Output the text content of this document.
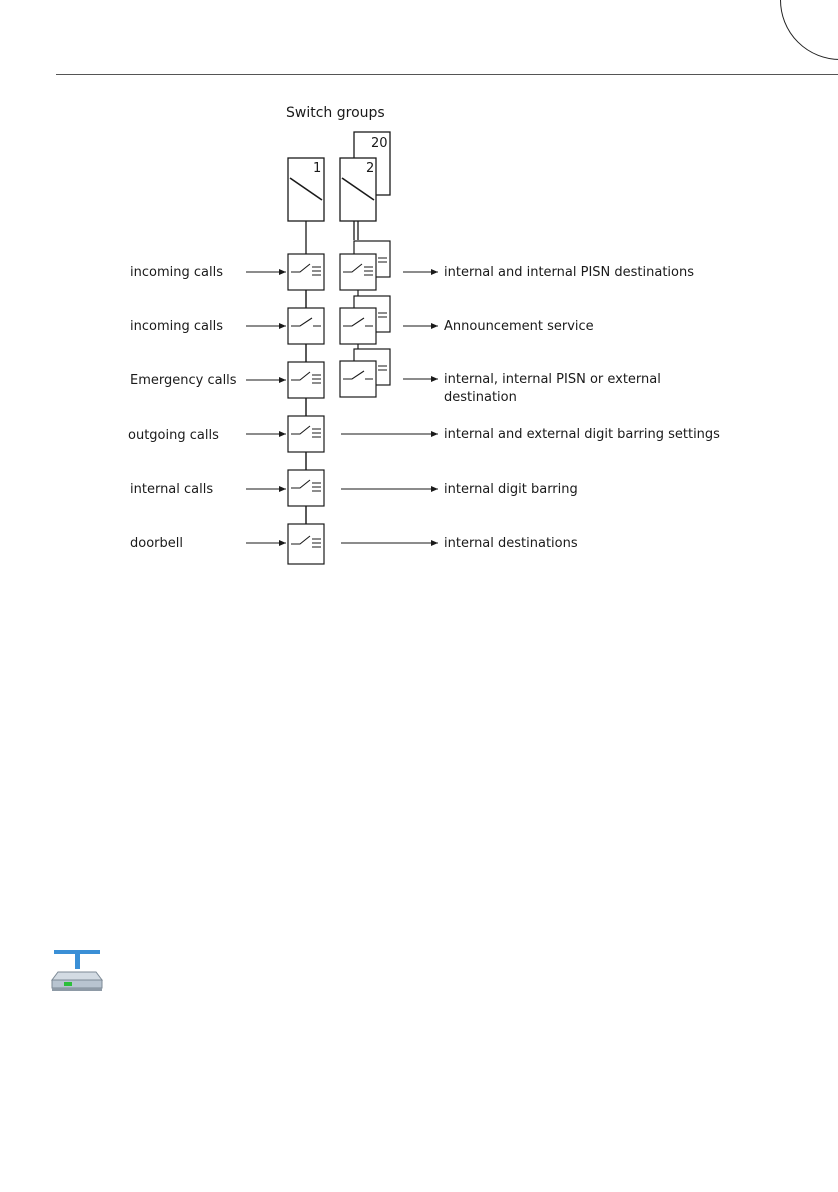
Switch groups
20
2
1
incoming calls
incoming calls
Emergency calls
outgoing calls
internal calls
doorbell
internal and internal PISN destinations
Announcement service
internal, internal PISN or external
destination
internal and external digit barring settings
internal digit barring
internal destinations
